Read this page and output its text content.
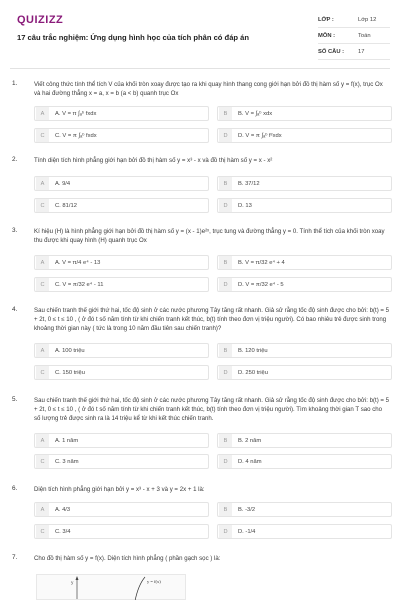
QUIZIZZ
17 câu trắc nghiệm: Ứng dụng hình học của tích phân có đáp án
LỚP :	Lớp 12
MÔN :	Toán
SỐ CÂU :	17
1.	Viết công thức tính thể tích V của khối tròn xoay được tạo ra khi quay hình thang cong giới hạn bởi đồ thị hàm số y = f(x), trục Ox và hai đường thẳng x = a, x = b (a < b) quanh trục Ox
A	A. V = π ∫ₐᵇ fxdx	B	B. V = ∫ₐᵇ xdx
C	C. V = π ∫ₐᵇ fxdx	D	D. V = π ∫ₐᵇ f²xdx
2.	Tính diện tích hình phẳng giới hạn bởi đồ thị hàm số y = x³ - x và đồ thị hàm số y = x - x²
A	A. 9/4	B	B. 37/12
C	C. 81/12	D	D. 13
3.	Kí hiệu (H) là hình phẳng giới hạn bởi đồ thị hàm số y = (x - 1)e²ˣ, trục tung và đường thẳng y = 0. Tính thể tích của khối tròn xoay thu được khi quay hình (H) quanh trục Ox
A	A. V = π/4 e⁴ - 13	B	B. V = π/32 e⁴ + 4
C	C. V = π/32 e⁴ - 11	D	D. V = π/32 e⁴ - 5
4.	Sau chiến tranh thế giới thứ hai, tốc độ sinh ở các nước phương Tây tăng rất nhanh. Giả sử rằng tốc độ sinh được cho bởi: b(t) = 5 + 2t, 0 ≤ t ≤ 10 , ( ở đó t số năm tính từ khi chiến tranh kết thúc, b(t) tính theo đơn vị triệu người). Có bao nhiêu trẻ được sinh trong khoảng thời gian này ( tức là trong 10 năm đầu tiên sau chiến tranh)?
A	A. 100 triệu	B	B. 120 triệu
C	C. 150 triệu	D	D. 250 triệu
5.	Sau chiến tranh thế giới thứ hai, tốc độ sinh ở các nước phương Tây tăng rất nhanh. Giả sử rằng tốc độ sinh được cho bởi: b(t) = 5 + 2t, 0 ≤ t ≤ 10 , ( ở đó t số năm tính từ khi chiến tranh kết thúc, b(t) tính theo đơn vị triệu người). Tìm khoảng thời gian T sao cho số lượng trẻ được sinh ra là 14 triệu kể từ khi kết thúc chiến tranh.
A	A. 1 năm	B	B. 2 năm
C	C. 3 năm	D	D. 4 năm
6.	Diện tích hình phẳng giới hạn bởi y = x³ - x + 3 và y = 2x + 1 là:
A	A. 4/3	B	B. -3/2
C	C. 3/4	D	D. -1/4
7.	Cho đồ thị hàm số y = f(x). Diện tích hình phẳng ( phần gạch sọc ) là:
y	y = f(x)
